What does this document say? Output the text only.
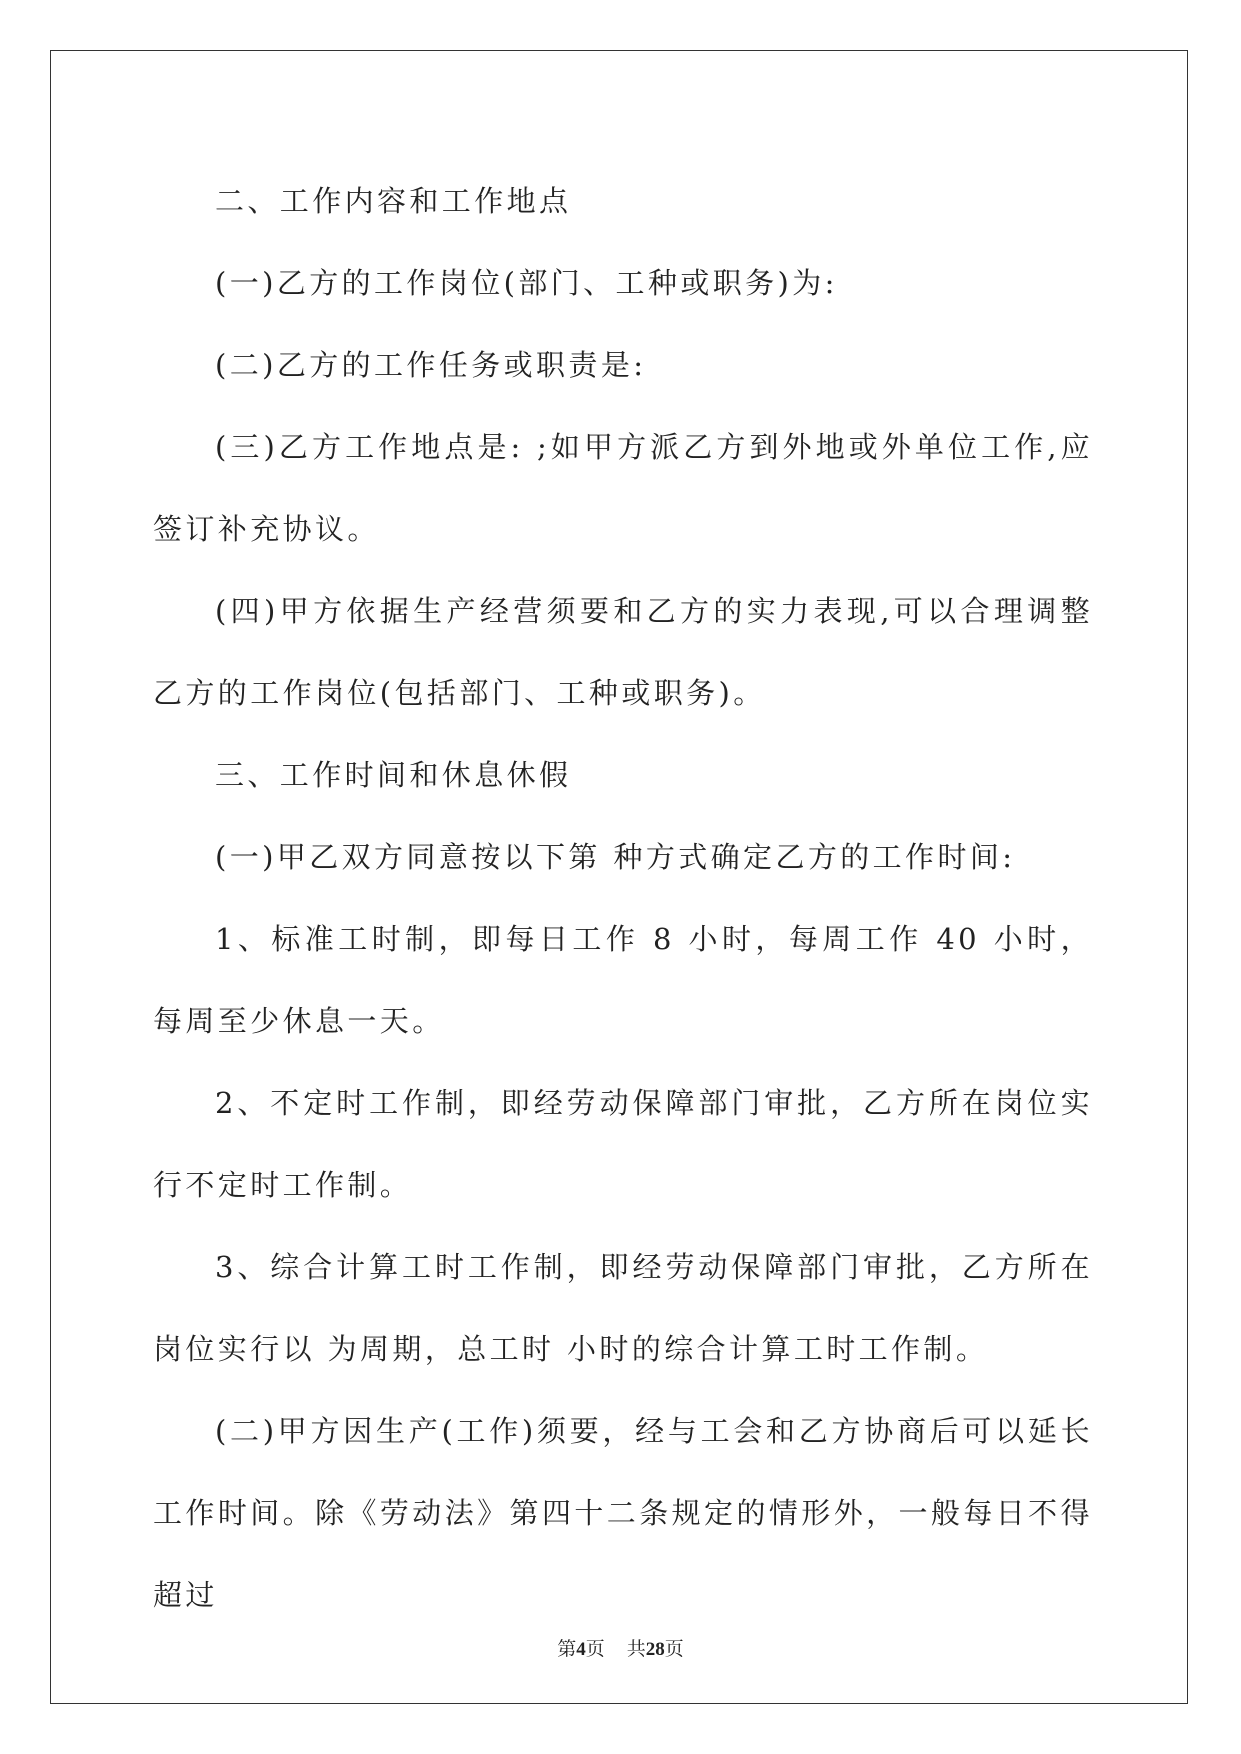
二、工作内容和工作地点

(一)乙方的工作岗位(部门、工种或职务)为:

(二)乙方的工作任务或职责是:

(三)乙方工作地点是: ;如甲方派乙方到外地或外单位工作,应签订补充协议。

(四)甲方依据生产经营须要和乙方的实力表现,可以合理调整乙方的工作岗位(包括部门、工种或职务)。

三、工作时间和休息休假

(一)甲乙双方同意按以下第 种方式确定乙方的工作时间:

1、标准工时制，即每日工作 8 小时，每周工作 40 小时，每周至少休息一天。

2、不定时工作制，即经劳动保障部门审批，乙方所在岗位实行不定时工作制。

3、综合计算工时工作制，即经劳动保障部门审批，乙方所在岗位实行以 为周期，总工时 小时的综合计算工时工作制。

(二)甲方因生产(工作)须要，经与工会和乙方协商后可以延长工作时间。除《劳动法》第四十二条规定的情形外，一般每日不得超过

第4页 共28页
